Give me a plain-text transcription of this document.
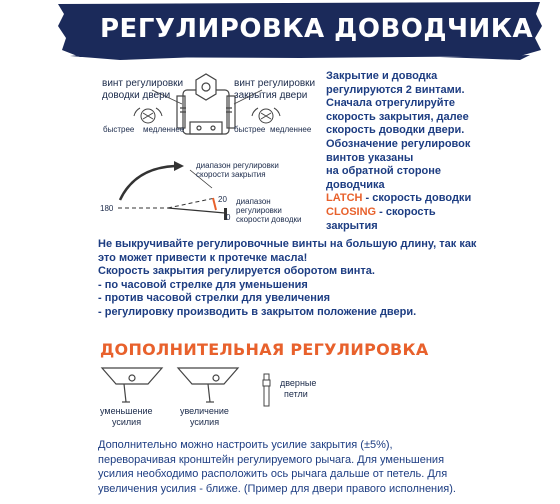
РЕГУЛИРОВКА ДОВОДЧИКА
винт регулировки
доводки двери
винт регулировки
закрытия двери
быстрее медленнее	быстрее медленнее
диапазон регулировки
скорости закрытия
диапазон
регулировки
скорости доводки
180
20
0
Закрытие и доводка
регулируются 2 винтами.
Сначала отрегулируйте
скорость закрытия, далее
скорость доводки двери.
Обозначение регулировок
винтов указаны
на обратной стороне
доводчика
LATCH - скорость доводки
CLOSING - скорость
закрытия
Не выкручивайте регулировочные винты на большую длину, так как
это может привести к протечке масла!
Скорость закрытия регулируется оборотом винта.
- по часовой стрелке для уменьшения
- против часовой стрелки для увеличения
- регулировку производить в закрытом положение двери.
ДОПОЛНИТЕЛЬНАЯ РЕГУЛИРОВКА
дверные
петли
уменьшение
усилия
увеличение
усилия
Дополнительно можно настроить усилие закрытия (±5%), переворачивая кронштейн регулируемого рычага. Для уменьшения усилия необходимо расположить ось рычага дальше от петель. Для увеличения усилия - ближе. (Пример для двери правого исполнения).
